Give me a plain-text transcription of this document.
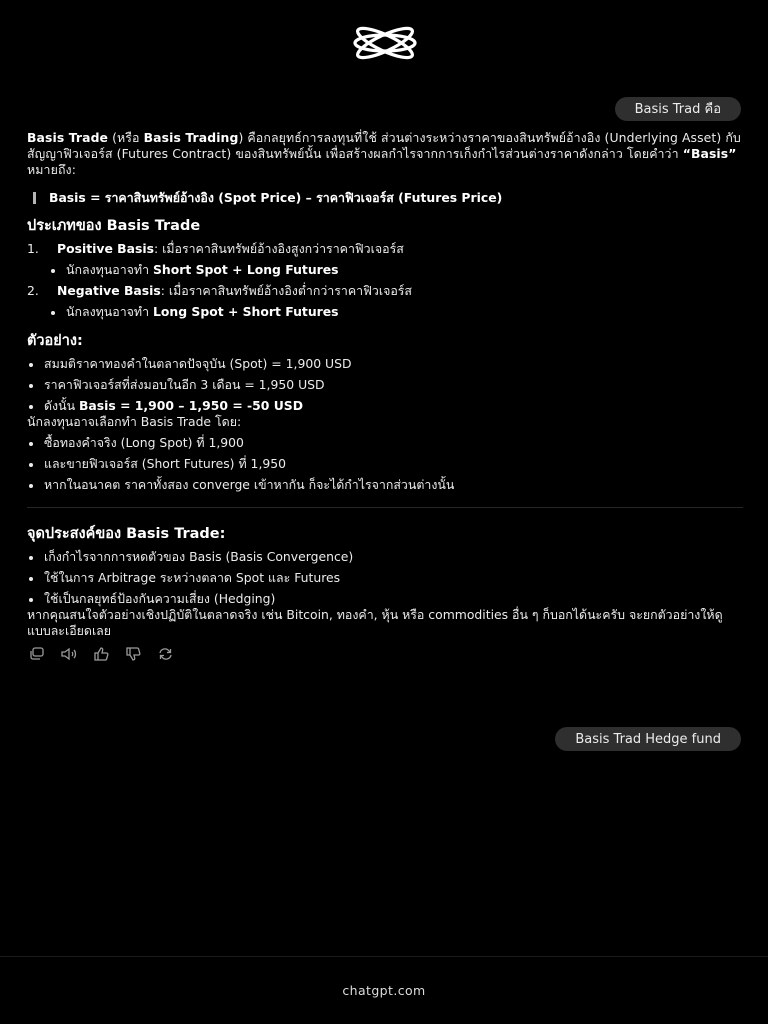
Basis Trad คือ

Basis Trade (หรือ Basis Trading) คือกลยุทธ์การลงทุนที่ใช้ ส่วนต่างระหว่างราคาของสินทรัพย์อ้างอิง (Underlying Asset) กับ สัญญาฟิวเจอร์ส (Futures Contract) ของสินทรัพย์นั้น เพื่อสร้างผลกำไรจากการเก็งกำไรส่วนต่างราคาดังกล่าว โดยคำว่า “Basis” หมายถึง:

Basis = ราคาสินทรัพย์อ้างอิง (Spot Price) – ราคาฟิวเจอร์ส (Futures Price)
ประเภทของ Basis Trade
1. Positive Basis: เมื่อราคาสินทรัพย์อ้างอิงสูงกว่าราคาฟิวเจอร์ส
นักลงทุนอาจทำ Short Spot + Long Futures
2. Negative Basis: เมื่อราคาสินทรัพย์อ้างอิงต่ำกว่าราคาฟิวเจอร์ส
นักลงทุนอาจทำ Long Spot + Short Futures
ตัวอย่าง:
สมมติราคาทองคำในตลาดปัจจุบัน (Spot) = 1,900 USD
ราคาฟิวเจอร์สที่ส่งมอบในอีก 3 เดือน = 1,950 USD
ดังนั้น Basis = 1,900 – 1,950 = -50 USD

นักลงทุนอาจเลือกทำ Basis Trade โดย:

ซื้อทองคำจริง (Long Spot) ที่ 1,900
และขายฟิวเจอร์ส (Short Futures) ที่ 1,950
หากในอนาคต ราคาทั้งสอง converge เข้าหากัน ก็จะได้กำไรจากส่วนต่างนั้น
จุดประสงค์ของ Basis Trade:
เก็งกำไรจากการหดตัวของ Basis (Basis Convergence)
ใช้ในการ Arbitrage ระหว่างตลาด Spot และ Futures
ใช้เป็นกลยุทธ์ป้องกันความเสี่ยง (Hedging)

หากคุณสนใจตัวอย่างเชิงปฏิบัติในตลาดจริง เช่น Bitcoin, ทองคำ, หุ้น หรือ commodities อื่น ๆ ก็บอกได้นะครับ จะยกตัวอย่างให้ดูแบบละเอียดเลย

Basis Trad Hedge fund
chatgpt.com
